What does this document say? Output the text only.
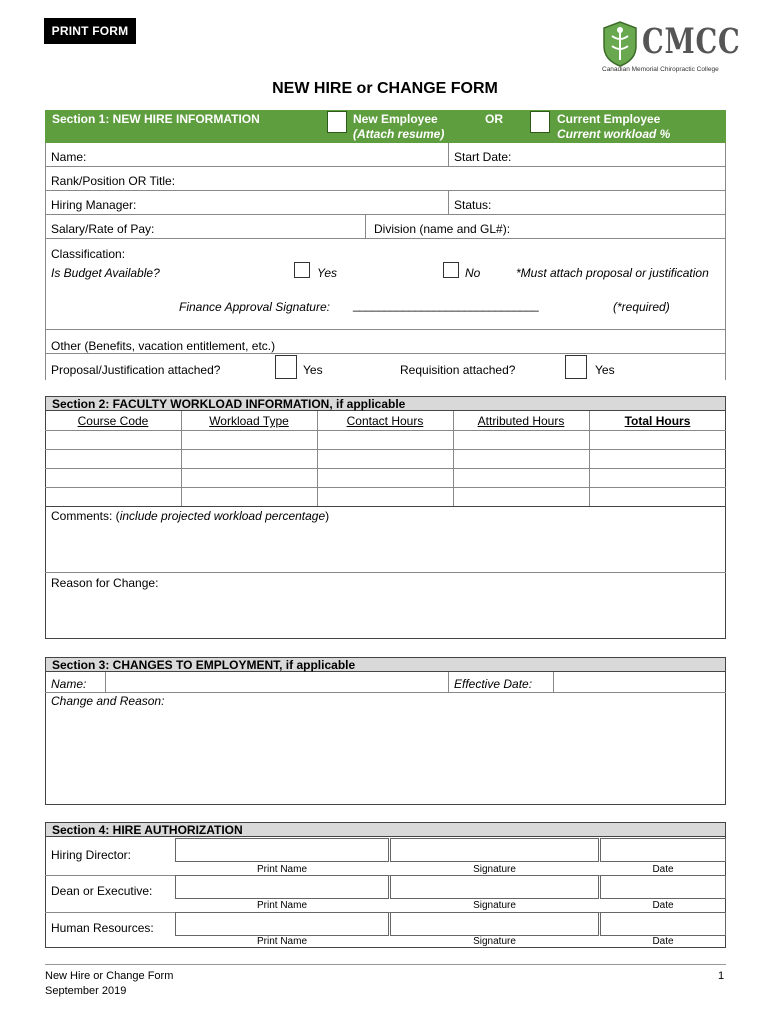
PRINT FORM	CMCC
Canadian Memorial Chiropractic College
NEW HIRE or CHANGE FORM
Section 1: NEW HIRE INFORMATION	New Employee
(Attach resume)
OR	Current Employee
Current workload %
Name:	Start Date:
Rank/Position OR Title:
Hiring Manager:	Status:
Salary/Rate of Pay:	Division (name and GL#):
Classification:
Is Budget Available?	Yes	No	*Must attach proposal or justification
Finance Approval Signature: ______________________________	(*required)
Other (Benefits, vacation entitlement, etc.)
Proposal/Justification attached?	Yes	Requisition attached?	Yes
Section 2: FACULTY WORKLOAD INFORMATION, if applicable
Course Code	Workload Type	Contact Hours	Attributed Hours	Total Hours
Comments: (include projected workload percentage)
Reason for Change:
Section 3: CHANGES TO EMPLOYMENT, if applicable
Name:	Effective Date:
Change and Reason:
Section 4: HIRE AUTHORIZATION
Hiring Director:
Print Name	Signature	Date
Dean or Executive:
Print Name	Signature	Date
Human Resources:
Print Name	Signature	Date
New Hire or Change Form
September 2019
1
